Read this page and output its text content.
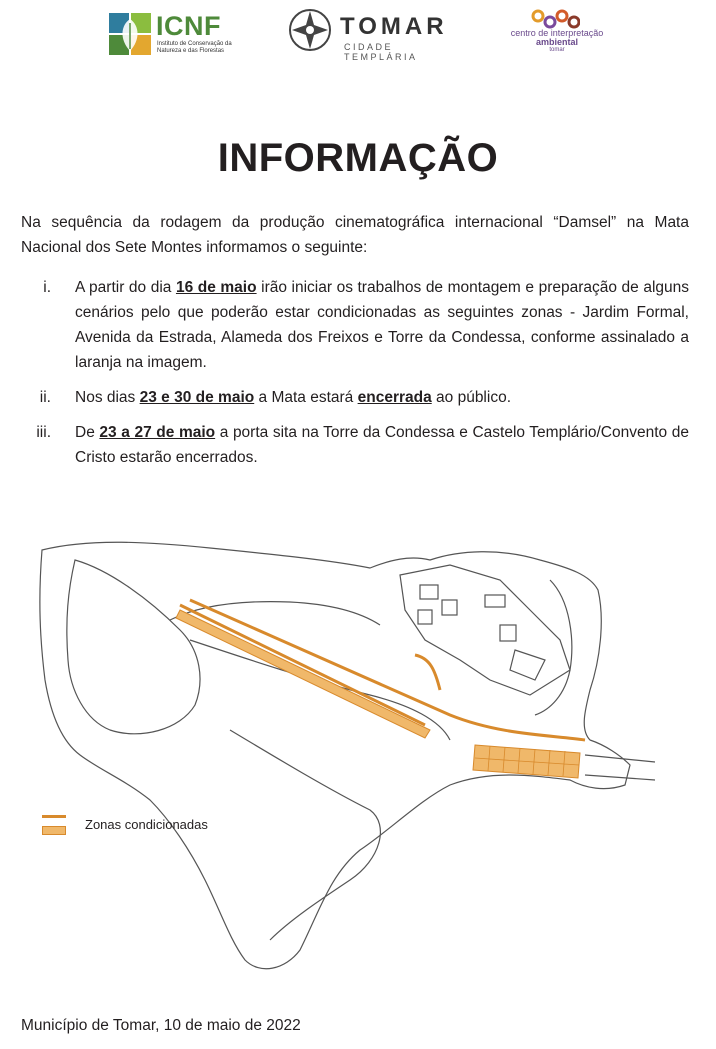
ICNF
Instituto de Conservação da Natureza e das Florestas
TOMAR
CIDADE TEMPLÁRIA
centro de interpretação
ambiental
tomar
INFORMAÇÃO
Na sequência da rodagem da produção cinematográfica internacional “Damsel” na Mata Nacional dos Sete Montes informamos o seguinte:
i. A partir do dia 16 de maio irão iniciar os trabalhos de montagem e preparação de alguns cenários pelo que poderão estar condicionadas as seguintes zonas - Jardim Formal, Avenida da Estrada, Alameda dos Freixos e Torre da Condessa, conforme assinalado a laranja na imagem.
ii. Nos dias 23 e 30 de maio a Mata estará encerrada ao público.
iii. De 23 a 27 de maio a porta sita na Torre da Condessa e Castelo Templário/Convento de Cristo estarão encerrados.
Zonas condicionadas
Município de Tomar, 10 de maio de 2022
